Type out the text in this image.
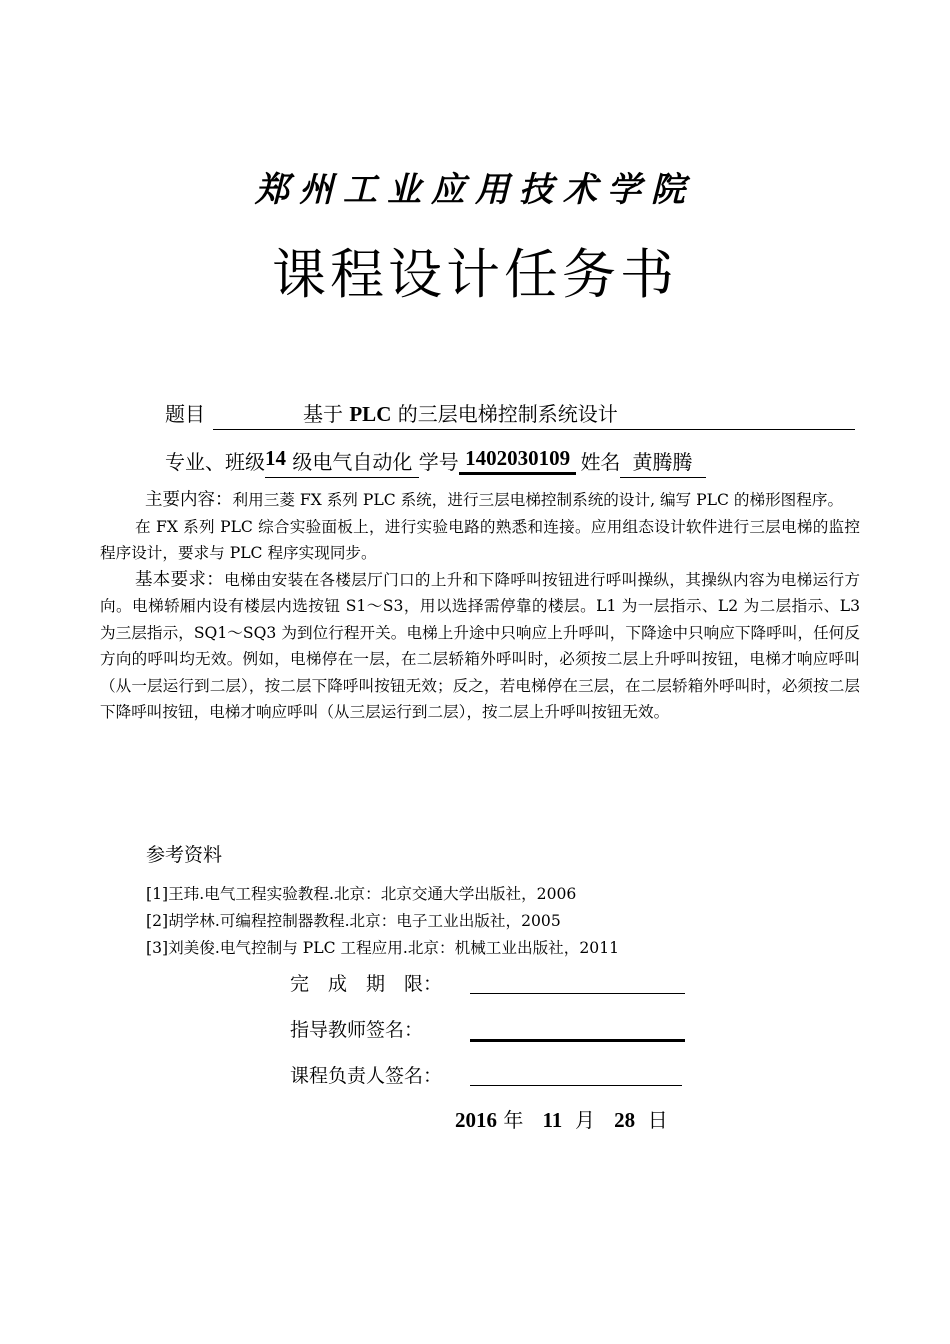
郑州工业应用技术学院
课程设计任务书
题目	基于 PLC 的三层电梯控制系统设计
专业、班级14 级电气自动化 学号 1402030109 姓名 黄腾腾
主要内容：利用三菱 FX 系列 PLC 系统，进行三层电梯控制系统的设计, 编写 PLC 的梯形图程序。
在 FX 系列 PLC 综合实验面板上，进行实验电路的熟悉和连接。应用组态设计软件进行三层电梯的监控程序设计，要求与 PLC 程序实现同步。
基本要求：电梯由安装在各楼层厅门口的上升和下降呼叫按钮进行呼叫操纵，其操纵内容为电梯运行方向。电梯轿厢内设有楼层内选按钮 S1～S3，用以选择需停靠的楼层。L1 为一层指示、L2 为二层指示、L3 为三层指示，SQ1～SQ3 为到位行程开关。电梯上升途中只响应上升呼叫，下降途中只响应下降呼叫，任何反方向的呼叫均无效。例如，电梯停在一层，在二层轿箱外呼叫时，必须按二层上升呼叫按钮，电梯才响应呼叫（从一层运行到二层），按二层下降呼叫按钮无效；反之，若电梯停在三层，在二层轿箱外呼叫时，必须按二层下降呼叫按钮，电梯才响应呼叫（从三层运行到二层），按二层上升呼叫按钮无效。
参考资料
[1]王玮.电气工程实验教程.北京：北京交通大学出版社，2006
[2]胡学林.可编程控制器教程.北京：电子工业出版社，2005
[3]刘美俊.电气控制与 PLC 工程应用.北京：机械工业出版社，2011
完　成　期　限：
指导教师签名：
课程负责人签名：
2016 年 11 月 28 日
